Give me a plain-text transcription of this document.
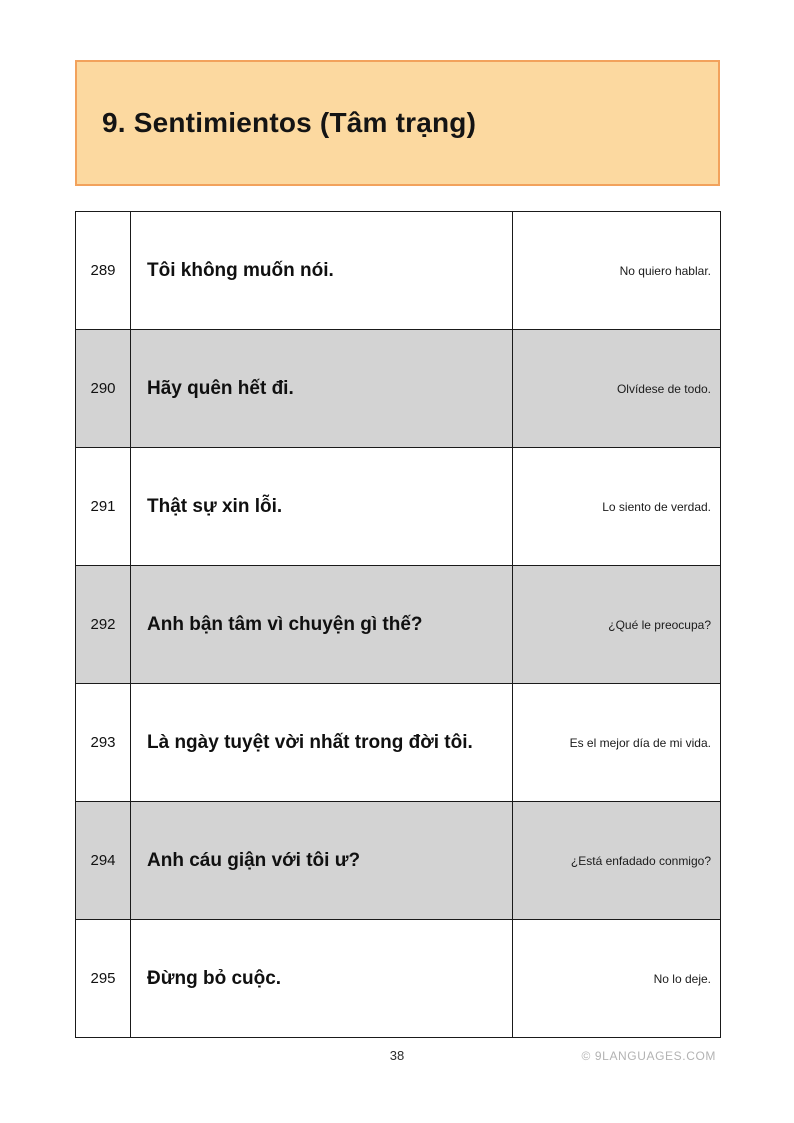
9. Sentimientos (Tâm trạng)
289	Tôi không muốn nói.	No quiero hablar.
290	Hãy quên hết đi.	Olvídese de todo.
291	Thật sự xin lỗi.	Lo siento de verdad.
292	Anh bận tâm vì chuyện gì thế?	¿Qué le preocupa?
293	Là ngày tuyệt vời nhất trong đời tôi.	Es el mejor día de mi vida.
294	Anh cáu giận với tôi ư?	¿Está enfadado conmigo?
295	Đừng bỏ cuộc.	No lo deje.
38	© 9LANGUAGES.COM
